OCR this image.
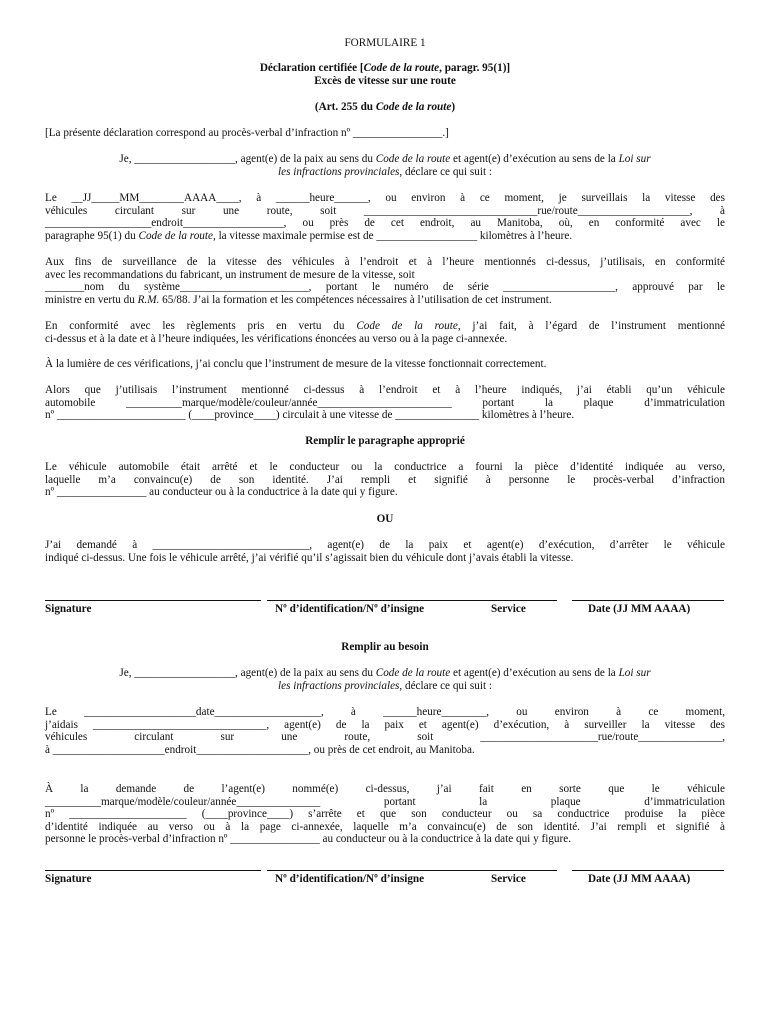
FORMULAIRE 1

Déclaration certifiée [Code de la route, paragr. 95(1)]

Excès de vitesse sur une route

(Art. 255 du Code de la route)

[La présente déclaration correspond au procès-verbal d’infraction nº ________________.]

Je, __________________, agent(e) de la paix au sens du Code de la route et agent(e) d’exécution au sens de la Loi sur

les infractions provinciales, déclare ce qui suit :

Le __JJ_____MM________AAAA____, à ______heure______, ou environ à ce moment, je surveillais la vitesse des
véhicules circulant sur une route, soit _______________________________rue/route____________________, à
___________________endroit__________________, ou près de cet endroit, au Manitoba, où, en conformité avec le
paragraphe 95(1) du Code de la route, la vitesse maximale permise est de __________________ kilomètres à l’heure.
Aux fins de surveillance de la vitesse des véhicules à l’endroit et à l’heure mentionnés ci-dessus, j’utilisais, en conformité
avec les recommandations du fabricant, un instrument de mesure de la vitesse, soit
_______nom du système_______________________, portant le numéro de série ____________________, approuvé par le
ministre en vertu du R.M. 65/88. J’ai la formation et les compétences nécessaires à l’utilisation de cet instrument.
En conformité avec les règlements pris en vertu du Code de la route, j’ai fait, à l’égard de l’instrument mentionné
ci-dessus et à la date et à l’heure indiquées, les vérifications énoncées au verso ou à la page ci-annexée.

À la lumière de ces vérifications, j’ai conclu que l’instrument de mesure de la vitesse fonctionnait correctement.

Alors que j’utilisais l’instrument mentionné ci-dessus à l’endroit et à l’heure indiqués, j’ai établi qu’un véhicule
automobile __________marque/modèle/couleur/année________________________ portant la plaque d’immatriculation
nº _______________________ (____province____) circulait à une vitesse de _______________ kilomètres à l’heure.

Remplir le paragraphe approprié

Le véhicule automobile était arrêté et le conducteur ou la conductrice a fourni la pièce d’identité indiquée au verso,
laquelle m’a convaincu(e) de son identité. J’ai rempli et signifié à personne le procès-verbal d’infraction
nº ________________ au conducteur ou à la conductrice à la date qui y figure.

OU

J’ai demandé à ____________________________, agent(e) de la paix et agent(e) d’exécution, d’arrêter le véhicule
indiqué ci-dessus. Une fois le véhicule arrêté, j’ai vérifié qu’il s’agissait bien du véhicule dont j’avais établi la vitesse.
Signature	Nº d’identification/Nº d’insigne	Service	Date (JJ MM AAAA)

Remplir au besoin

Je, __________________, agent(e) de la paix au sens du Code de la route et agent(e) d’exécution au sens de la Loi sur

les infractions provinciales, déclare ce qui suit :

Le ____________________date___________________, à ______heure________, ou environ à ce moment,
j’aidais _______________________________, agent(e) de la paix et agent(e) d’exécution, à surveiller la vitesse des
véhicules circulant sur une route, soit _____________________rue/route_______________,
à ____________________endroit____________________, ou près de cet endroit, au Manitoba.
À la demande de l’agent(e) nommé(e) ci-dessus, j’ai fait en sorte que le véhicule
__________marque/modèle/couleur/année_______________ portant la plaque d’immatriculation
nº _____________________ (____province____) s’arrête et que son conducteur ou sa conductrice produise la pièce
d’identité indiquée au verso ou à la page ci-annexée, laquelle m’a convaincu(e) de son identité. J’ai rempli et signifié à
personne le procès-verbal d’infraction nº ________________ au conducteur ou à la conductrice à la date qui y figure.
Signature	Nº d’identification/Nº d’insigne	Service	Date (JJ MM AAAA)
